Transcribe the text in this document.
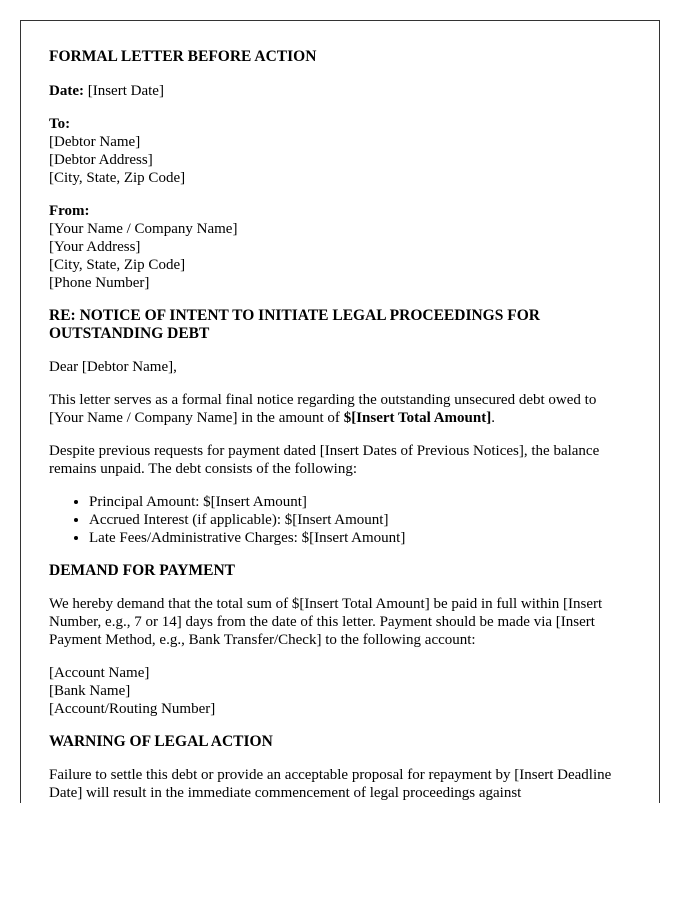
FORMAL LETTER BEFORE ACTION

Date: [Insert Date]

To:
[Debtor Name]
[Debtor Address]
[City, State, Zip Code]

From:
[Your Name / Company Name]
[Your Address]
[City, State, Zip Code]
[Phone Number]

RE: NOTICE OF INTENT TO INITIATE LEGAL PROCEEDINGS FOR OUTSTANDING DEBT

Dear [Debtor Name],

This letter serves as a formal final notice regarding the outstanding unsecured debt owed to [Your Name / Company Name] in the amount of $[Insert Total Amount].

Despite previous requests for payment dated [Insert Dates of Previous Notices], the balance remains unpaid. The debt consists of the following:

• Principal Amount: $[Insert Amount]
• Accrued Interest (if applicable): $[Insert Amount]
• Late Fees/Administrative Charges: $[Insert Amount]
DEMAND FOR PAYMENT

We hereby demand that the total sum of $[Insert Total Amount] be paid in full within [Insert Number, e.g., 7 or 14] days from the date of this letter. Payment should be made via [Insert Payment Method, e.g., Bank Transfer/Check] to the following account:

[Account Name]
[Bank Name]
[Account/Routing Number]

WARNING OF LEGAL ACTION

Failure to settle this debt or provide an acceptable proposal for repayment by [Insert Deadline Date] will result in the immediate commencement of legal proceedings against
